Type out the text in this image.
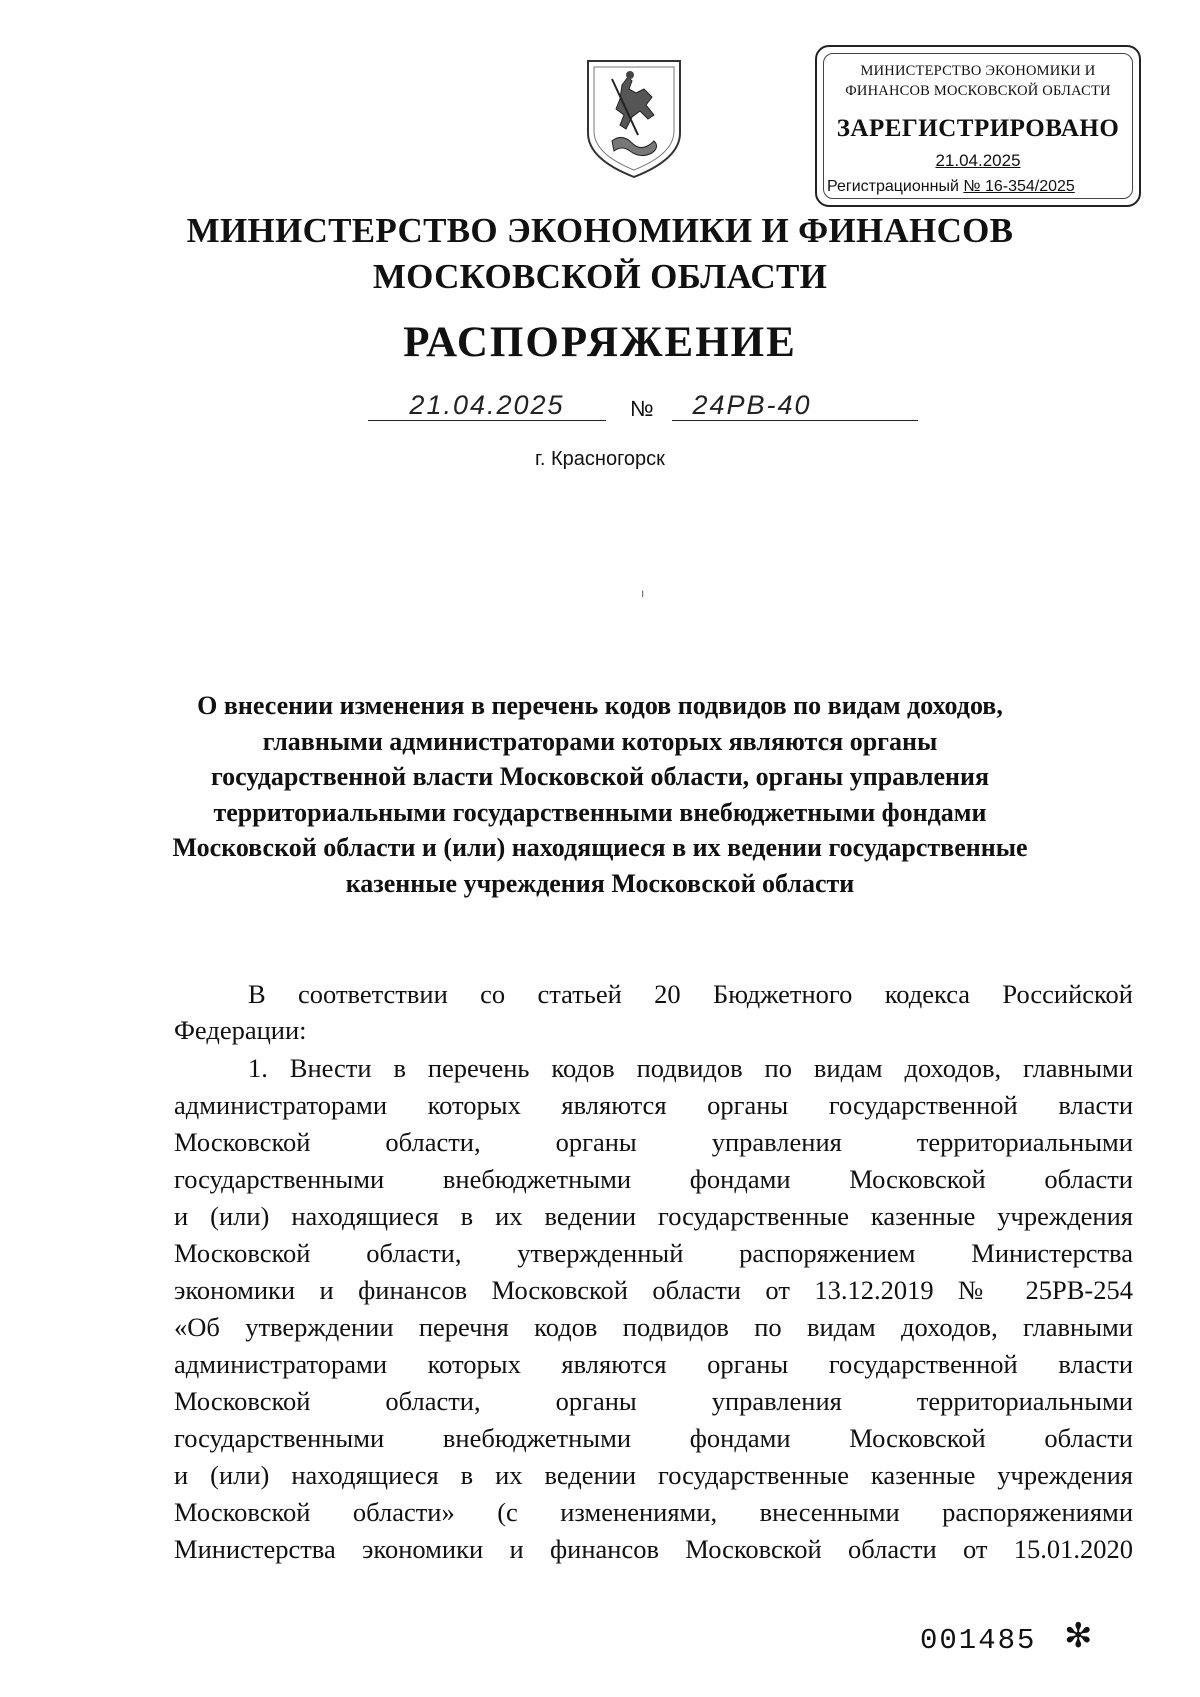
МИНИСТЕРСТВО ЭКОНОМИКИ И
ФИНАНСОВ МОСКОВСКОЙ ОБЛАСТИ
ЗАРЕГИСТРИРОВАНО
21.04.2025
Регистрационный № 16-354/2025
МИНИСТЕРСТВО ЭКОНОМИКИ И ФИНАНСОВ
МОСКОВСКОЙ ОБЛАСТИ
РАСПОРЯЖЕНИЕ
21.04.2025	№	24РВ-40
г. Красногорск
ı
О внесении изменения в перечень кодов подвидов по видам доходов,
главными администраторами которых являются органы
государственной власти Московской области, органы управления
территориальными государственными внебюджетными фондами
Московской области и (или) находящиеся в их ведении государственные
казенные учреждения Московской области
В соответствии со статьей 20 Бюджетного кодекса Российской
Федерации:
1. Внести в перечень кодов подвидов по видам доходов, главными
администраторами которых являются органы государственной власти
Московской области, органы управления территориальными
государственными внебюджетными фондами Московской области
и (или) находящиеся в их ведении государственные казенные учреждения
Московской области, утвержденный распоряжением Министерства
экономики и финансов Московской области от 13.12.2019 № 25РВ-254
«Об утверждении перечня кодов подвидов по видам доходов, главными
администраторами которых являются органы государственной власти
Московской области, органы управления территориальными
государственными внебюджетными фондами Московской области
и (или) находящиеся в их ведении государственные казенные учреждения
Московской области» (с изменениями, внесенными распоряжениями
Министерства экономики и финансов Московской области от 15.01.2020
001485 ✻
